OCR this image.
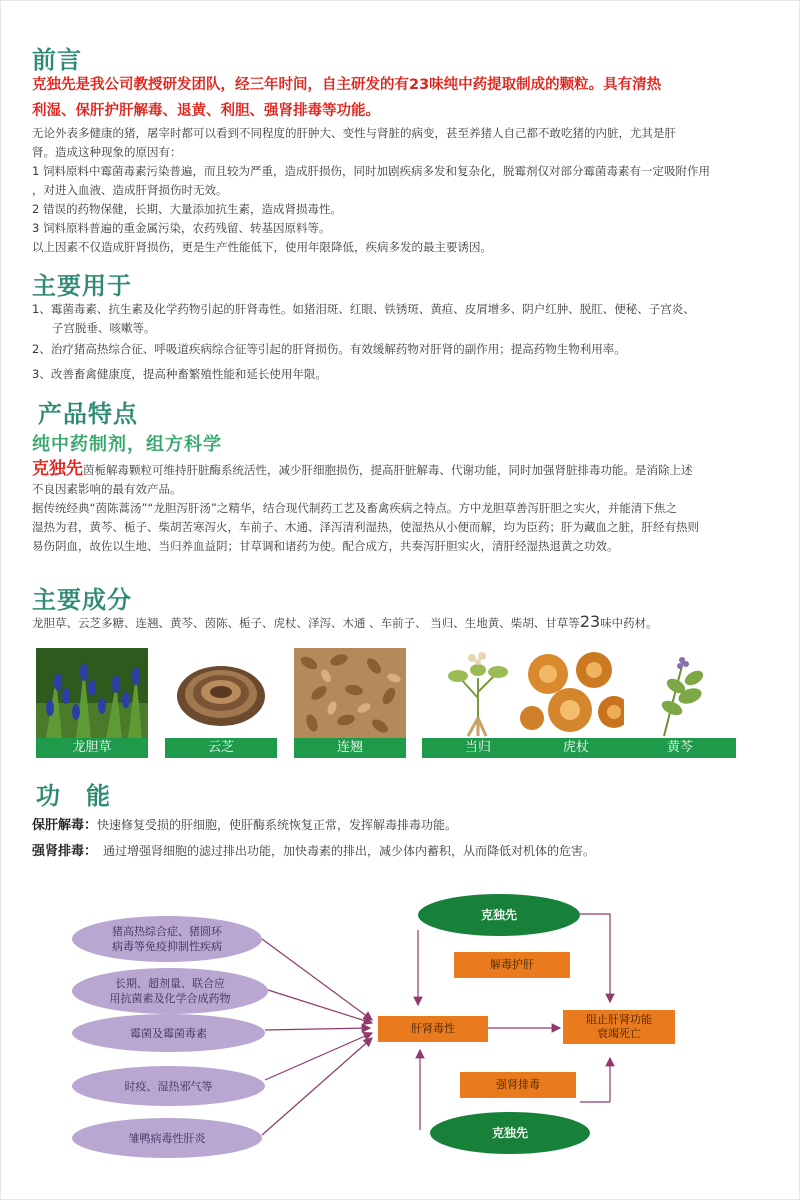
前言
克独先是我公司教授研发团队，经三年时间，自主研发的有23味纯中药提取制成的颗粒。具有清热
利湿、保肝护肝解毒、退黄、利胆、强肾排毒等功能。
无论外表多健康的猪，屠宰时都可以看到不同程度的肝肿大、变性与肾脏的病变，甚至养猪人自己都不敢吃猪的内脏，尤其是肝
肾。造成这种现象的原因有：
1 饲料原料中霉菌毒素污染普遍，而且较为严重，造成肝损伤，同时加剧疾病多发和复杂化，脱霉剂仅对部分霉菌毒素有一定吸附作用
，对进入血液、造成肝肾损伤时无效。
2 错误的药物保健，长期、大量添加抗生素，造成肾损毒性。
3 饲料原料普遍的重金属污染，农药残留、转基因原料等。
以上因素不仅造成肝肾损伤，更是生产性能低下，使用年限降低，疾病多发的最主要诱因。
主要用于
1、霉菌毒素、抗生素及化学药物引起的肝肾毒性。如猪泪斑、红眼、铁锈斑、黄疸、皮屑增多、阴户红肿、脱肛、便秘、子宫炎、
子宫脱垂、咳嗽等。
2、治疗猪高热综合征、呼吸道疾病综合征等引起的肝肾损伤。有效缓解药物对肝肾的副作用；提高药物生物利用率。
3、改善畜禽健康度，提高种畜繁殖性能和延长使用年限。
产品特点
纯中药制剂，组方科学
克独先茵栀解毒颗粒可维持肝脏酶系统活性，减少肝细胞损伤，提高肝脏解毒、代谢功能，同时加强肾脏排毒功能。是消除上述
不良因素影响的最有效产品。
据传统经典“茵陈蒿汤”“龙胆泻肝汤”之精华，结合现代制药工艺及畜禽疾病之特点。方中龙胆草善泻肝胆之实火，并能清下焦之
湿热为君，黄芩、栀子、柴胡苦寒泻火，车前子、木通、泽泻清利湿热，使湿热从小便而解，均为臣药；肝为藏血之脏，肝经有热则
易伤阴血，故佐以生地、当归养血益阴；甘草调和诸药为使。配合成方，共奏泻肝胆实火，清肝经湿热退黄之功效。
主要成分
龙胆草、云芝多糖、连翘、黄芩、茵陈、栀子、虎杖、泽泻、木通 、车前子、 当归、生地黄、柴胡、甘草等23味中药材。
功　能
保肝解毒：快速修复受损的肝细胞，使肝酶系统恢复正常，发挥解毒排毒功能。
强肾排毒： 通过增强肾细胞的滤过排出功能，加快毒素的排出，减少体内蓄积，从而降低对机体的危害。
龙胆草	云芝	连翘	当归	虎杖	黄芩
猪高热综合症、猪圆环
病毒等免疫抑制性疾病
长期、超剂量、联合应
用抗菌素及化学合成药物
霉菌及霉菌毒素
时疫、湿热邪气等
雏鸭病毒性肝炎
克独先
克独先
解毒护肝
肝肾毒性
强肾排毒
阻止肝肾功能
衰竭死亡
